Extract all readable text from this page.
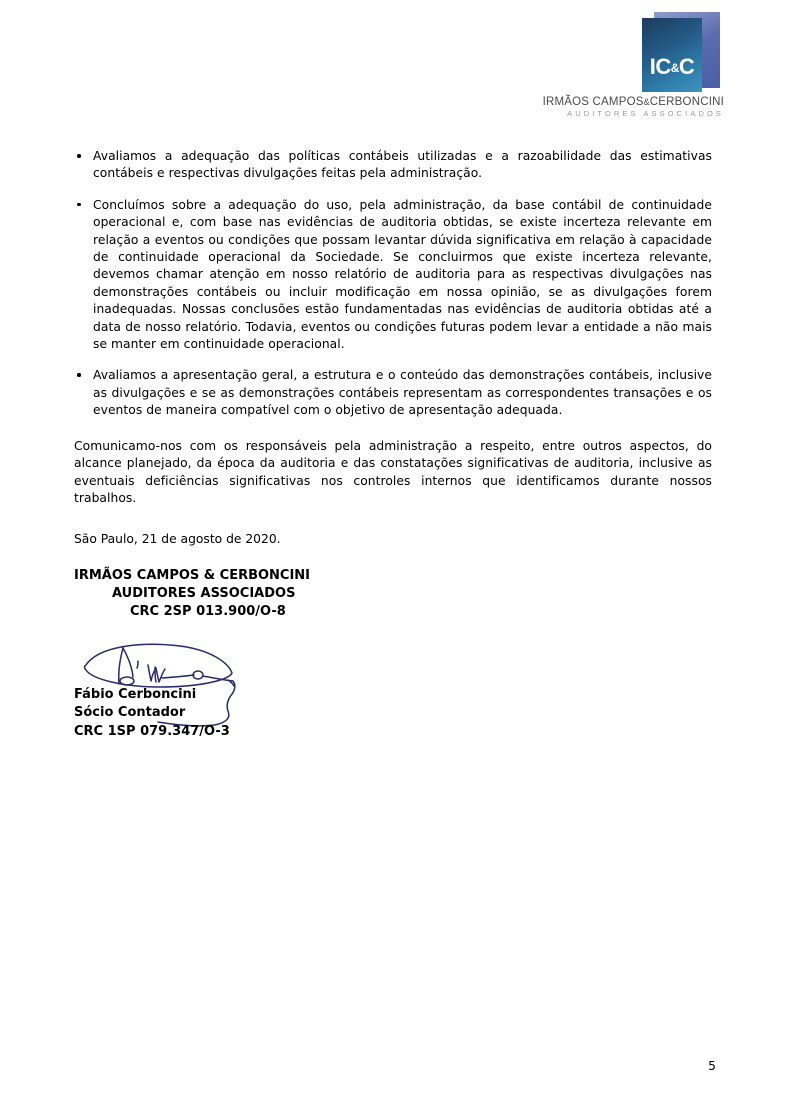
IC&C
IRMÃOS CAMPOS&CERBONCINI
AUDITORES ASSOCIADOS
Avaliamos a adequação das políticas contábeis utilizadas e a razoabilidade das estimativas contábeis e respectivas divulgações feitas pela administração.
Concluímos sobre a adequação do uso, pela administração, da base contábil de continuidade operacional e, com base nas evidências de auditoria obtidas, se existe incerteza relevante em relação a eventos ou condições que possam levantar dúvida significativa em relação à capacidade de continuidade operacional da Sociedade. Se concluirmos que existe incerteza relevante, devemos chamar atenção em nosso relatório de auditoria para as respectivas divulgações nas demonstrações contábeis ou incluir modificação em nossa opinião, se as divulgações forem inadequadas. Nossas conclusões estão fundamentadas nas evidências de auditoria obtidas até a data de nosso relatório. Todavia, eventos ou condições futuras podem levar a entidade a não mais se manter em continuidade operacional.
Avaliamos a apresentação geral, a estrutura e o conteúdo das demonstrações contábeis, inclusive as divulgações e se as demonstrações contábeis representam as correspondentes transações e os eventos de maneira compatível com o objetivo de apresentação adequada.

Comunicamo-nos com os responsáveis pela administração a respeito, entre outros aspectos, do alcance planejado, da época da auditoria e das constatações significativas de auditoria, inclusive as eventuais deficiências significativas nos controles internos que identificamos durante nossos trabalhos.

São Paulo, 21 de agosto de 2020.

IRMÃOS CAMPOS & CERBONCINI
AUDITORES ASSOCIADOS
CRC 2SP 013.900/O-8
Fábio Cerboncini
Sócio Contador
CRC 1SP 079.347/O-3
5
